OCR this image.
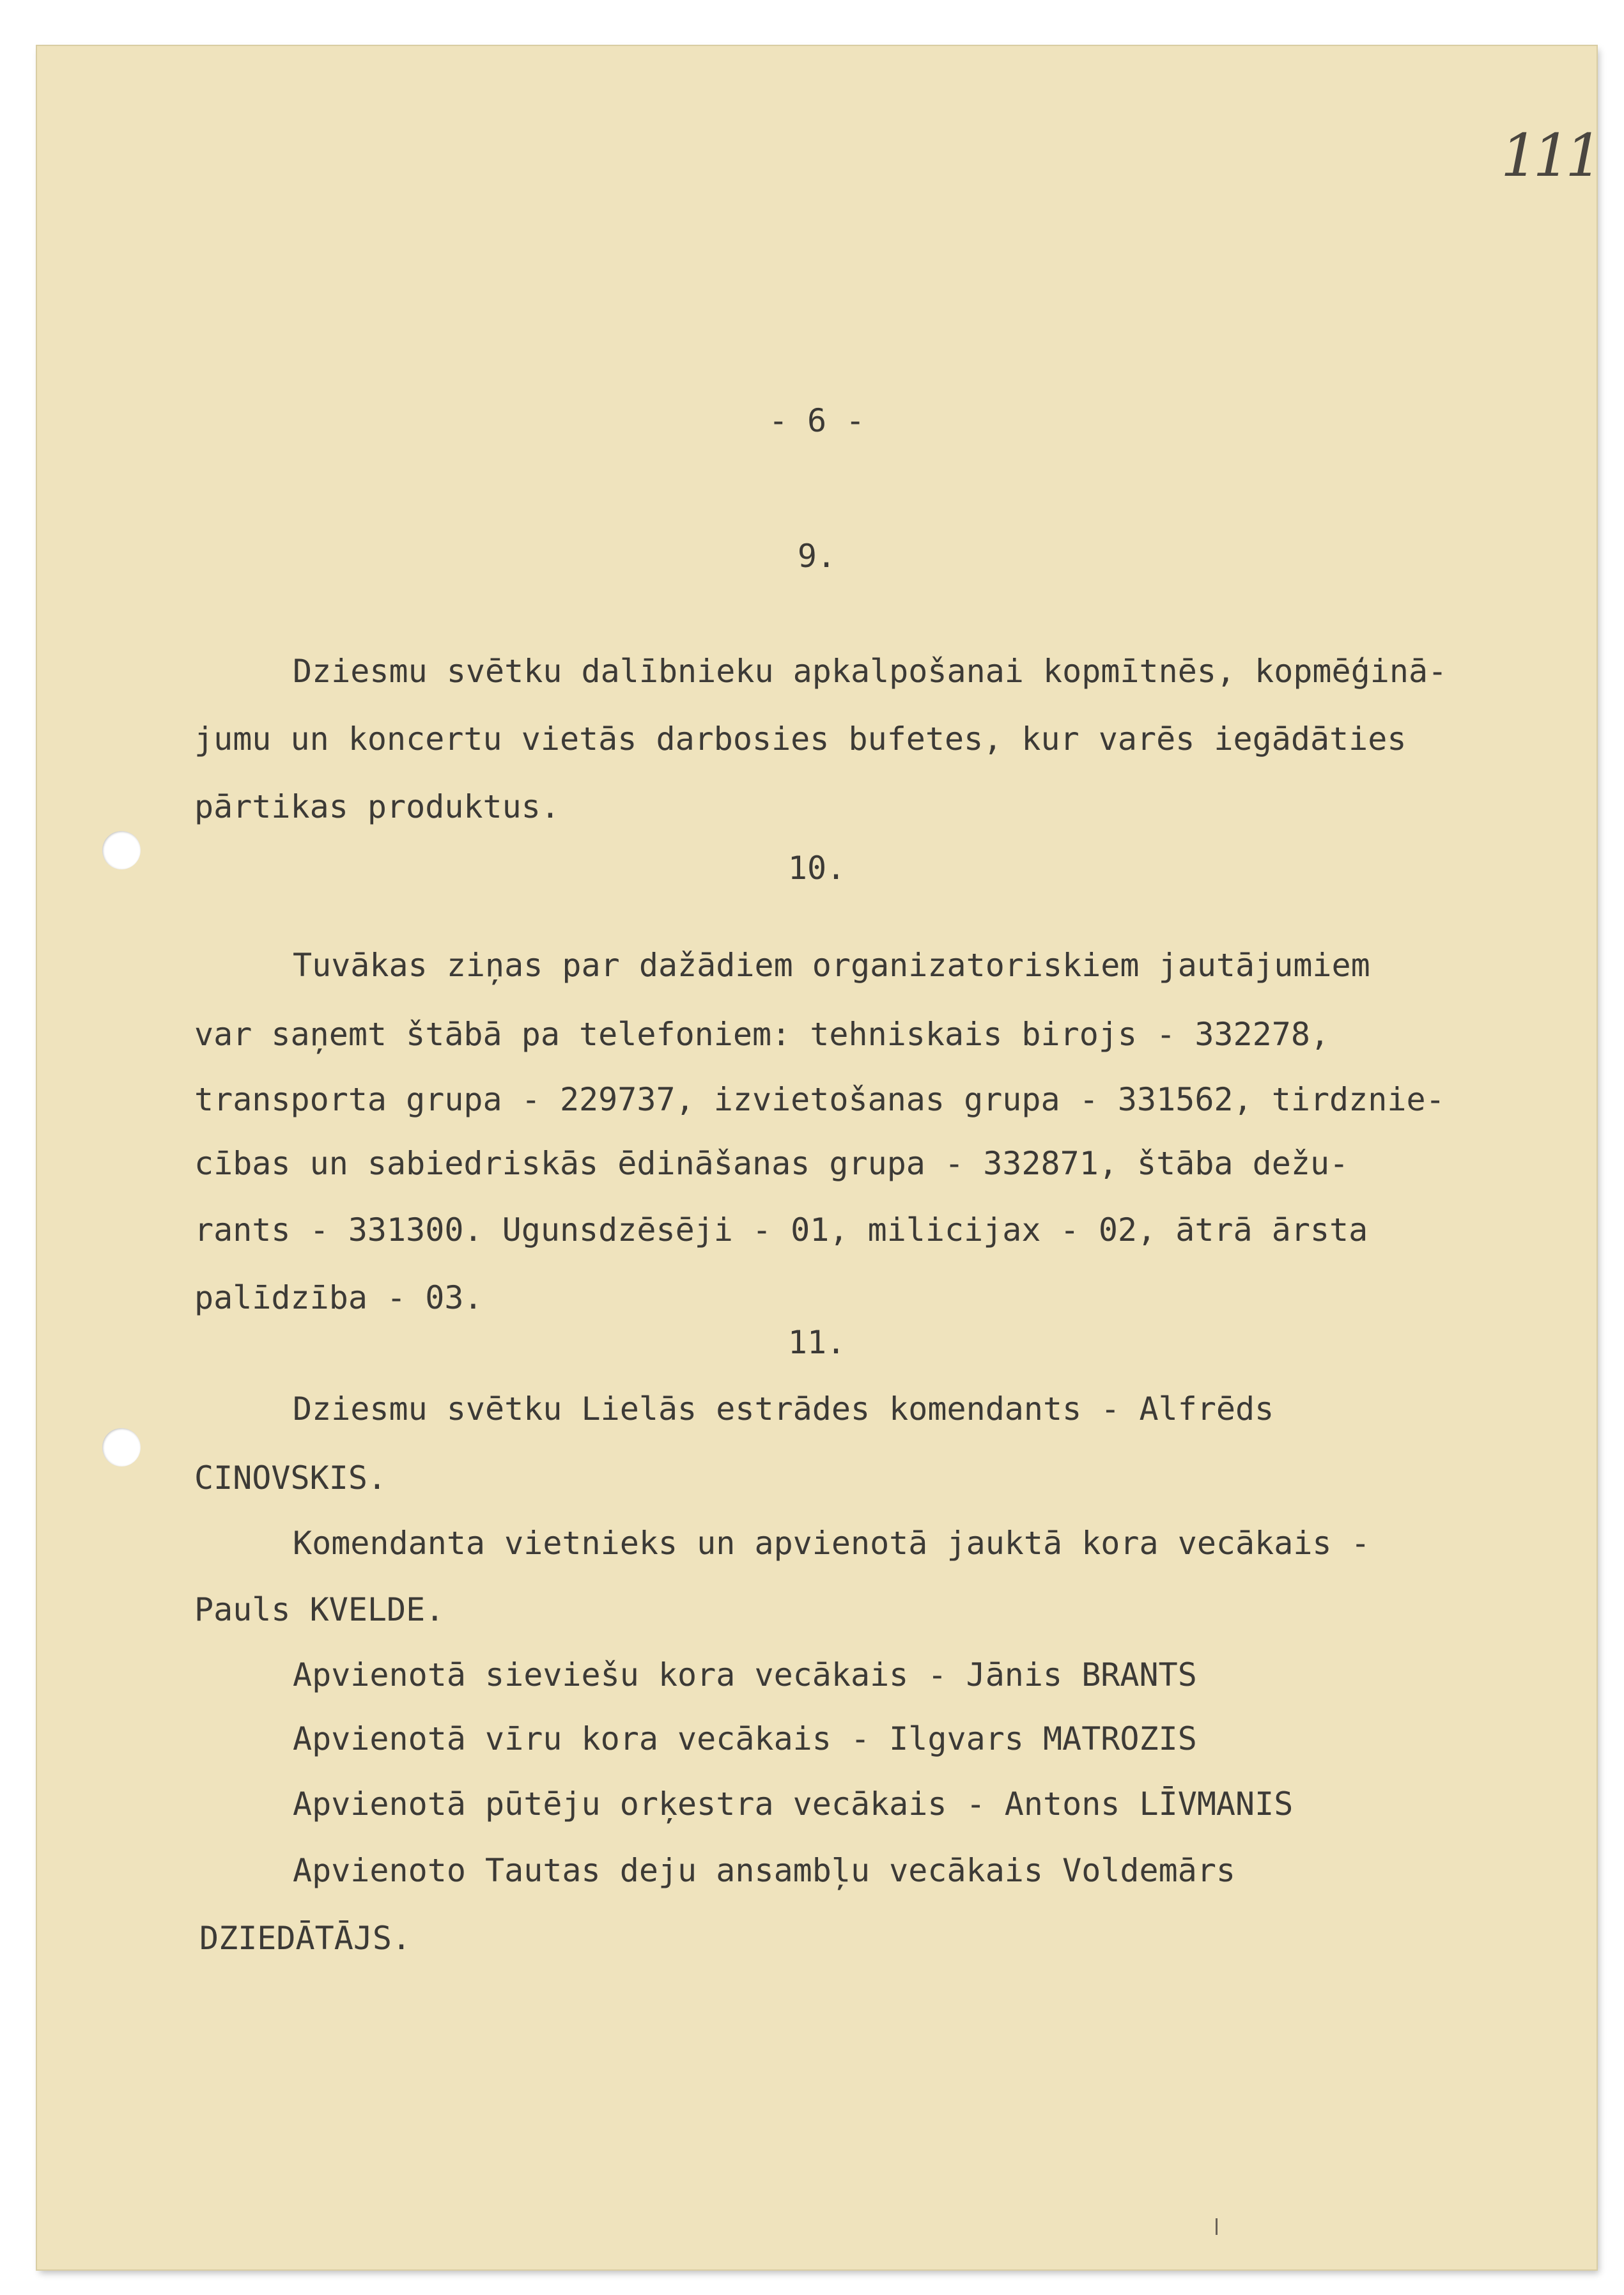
111
- 6 -
9.
Dziesmu svētku dalībnieku apkalpošanai kopmītnēs, kopmēģinā-
jumu un koncertu vietās darbosies bufetes, kur varēs iegādāties
pārtikas produktus.
10.
Tuvākas ziņas par dažādiem organizatoriskiem jautājumiem
var saņemt štābā pa telefoniem: tehniskais birojs - 332278,
transporta grupa - 229737, izvietošanas grupa - 331562, tirdznie-
cības un sabiedriskās ēdināšanas grupa - 332871, štāba dežu-
rants - 331300. Ugunsdzēsēji - 01, milicijax - 02, ātrā ārsta
palīdzība - 03.
11.
Dziesmu svētku Lielās estrādes komendants - Alfrēds
CINOVSKIS.
Komendanta vietnieks un apvienotā jauktā kora vecākais -
Pauls KVELDE.
Apvienotā sieviešu kora vecākais - Jānis BRANTS
Apvienotā vīru kora vecākais - Ilgvars MATROZIS
Apvienotā pūtēju orķestra vecākais - Antons LĪVMANIS
Apvienoto Tautas deju ansambļu vecākais Voldemārs
DZIEDĀTĀJS.
